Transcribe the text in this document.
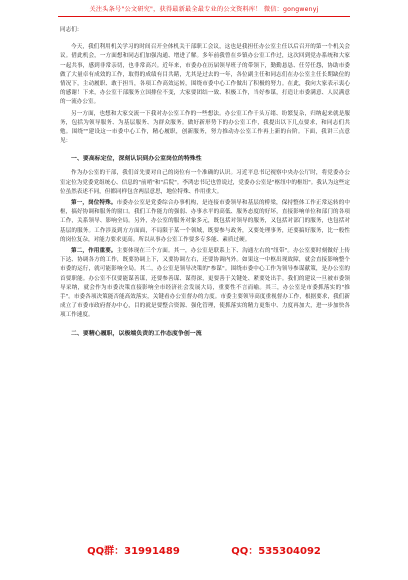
关注头条号"公文研究"，获得最新最全最专业的公文资料库！ 微信：gongwenyj

同志们：

今天，我们利用机关学习的时间召开全体机关干部职工会议，这也是我担任办公室主任以后召开的第一个机关会议。借此机会，一方面想和同志们加强沟通、增进了解。多年前我曾在乡镇办公室工作过，这次回到党办系统和大家一起共事，感到非常亲切，也非常高兴。近年来，市委办在历届领导班子的带领下，勤勤恳恳、任劳任怨，协助市委做了大量卓有成效的工作，取得的成绩有目共睹，尤其是过去的一年，各位副主任和同志们在办公室主任长期缺位的情况下，主动履职、敢于担当，各项工作高效运转，围绕市委中心工作做出了积极的努力。在此，我向大家表示衷心的感谢！下来，办公室干部服务立国排位不变，大家要团结一致、积极工作，当好参谋，打造让市委满意、人民满意的一流办公室。

另一方面，也想和大家交流一下我对办公室工作的一些想法。办公室工作千头万绪、纷繁复杂，归纳起来就是服务，包括为领导服务、为基层服务、为群众服务。做好新形势下的办公室工作，我提出以下几点要求，和同志们共勉。围绕""建设这一市委中心工作，精心履职，创新服务，努力推动办公室工作再上新的台阶。下面，我讲三点意见：

一、要高标定位，深刻认识到办公室岗位的特殊性

作为办公室的干部，我们首先要对自己的岗位有一个准确的认识。习近平总书记视察中央办公厅时，将党委办公室定位为党委党组统心、信息的"前哨"和"后院"。李鸿忠书记也曾说过，党委办公室是"枢纽中的枢纽"。我认为这些定位虽然表述不同，但都同样包含两层意思，地位特殊、作用重大。

第一，岗位特殊。市委办公室是党委综合办事机构，是连接市委领导和基层的桥梁，保持整体工作正常运转的中枢，搞好协调和服务的窗口。我们工作能力的强弱、办事水平的高低、服务态度的好坏，直接影响单位和部门的各项工作，关系领导、影响全局。另外，办公室的服务对象多元，既包括对领导的服务，又包括对部门的服务，也包括对基层的服务。工作涉及到方方面面，不局限于某一个领域，既要参与政务，又要处理事务，还要搞好服务，比一般性的岗位复杂，对能力要求更高。所以从事办公室工作要多专多能、素质过硬。

第二，作用重要。主要体现在三个方面。其一，办公室是联系上下、沟通左右的"纽带"。办公室要时刻做好上传下达、协调各方的工作，既要协调上下，又要协调左右，还要协调内外。如果这一中枢出现故障，就会直接影响整个市委的运行，就可能影响全局。其二，办公室是领导决策的"参谋"。围绕市委中心工作为领导参谋献策，是办公室的首要职能。办公室不仅要能谋善谋，还要参善谋、谋得深，更要善于关键处、紧要处出手。我们的建议一旦被市委领导采纳，就会作为市委决策直接影响全市经济社会发展大局，重要性不言而喻。其三，办公室是市委抓落实的"推手"。市委各项决策能否能高效落实，关键看办公室督办的力度。市委主要领导高度重视督办工作，根据要求，我们新成立了市委市政府督办中心，目的就是要整合资源、强化管理，使抓落实的精力更集中、力度再加大，进一步加快各项工作速度。

二、要精心履职，以极端负责的工作态度争创一流
QQ群：31991489	QQ：535304092
